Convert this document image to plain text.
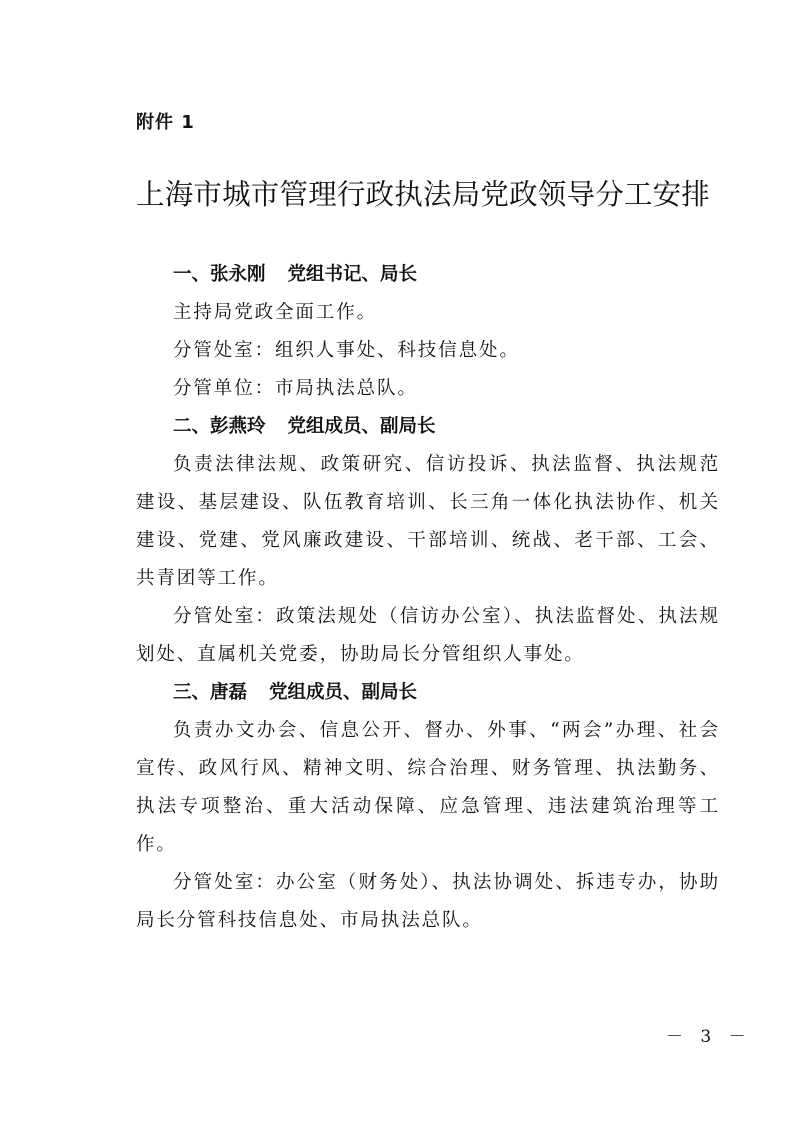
附件 1
上海市城市管理行政执法局党政领导分工安排

一、张永刚 党组书记、局长

主持局党政全面工作。

分管处室：组织人事处、科技信息处。

分管单位：市局执法总队。

二、彭燕玲 党组成员、副局长

负责法律法规、政策研究、信访投诉、执法监督、执法规范建设、基层建设、队伍教育培训、长三角一体化执法协作、机关建设、党建、党风廉政建设、干部培训、统战、老干部、工会、共青团等工作。

分管处室：政策法规处（信访办公室）、执法监督处、执法规划处、直属机关党委，协助局长分管组织人事处。

三、唐磊 党组成员、副局长

负责办文办会、信息公开、督办、外事、“两会”办理、社会宣传、政风行风、精神文明、综合治理、财务管理、执法勤务、执法专项整治、重大活动保障、应急管理、违法建筑治理等工作。

分管处室：办公室（财务处）、执法协调处、拆违专办，协助局长分管科技信息处、市局执法总队。

－ 3 －
